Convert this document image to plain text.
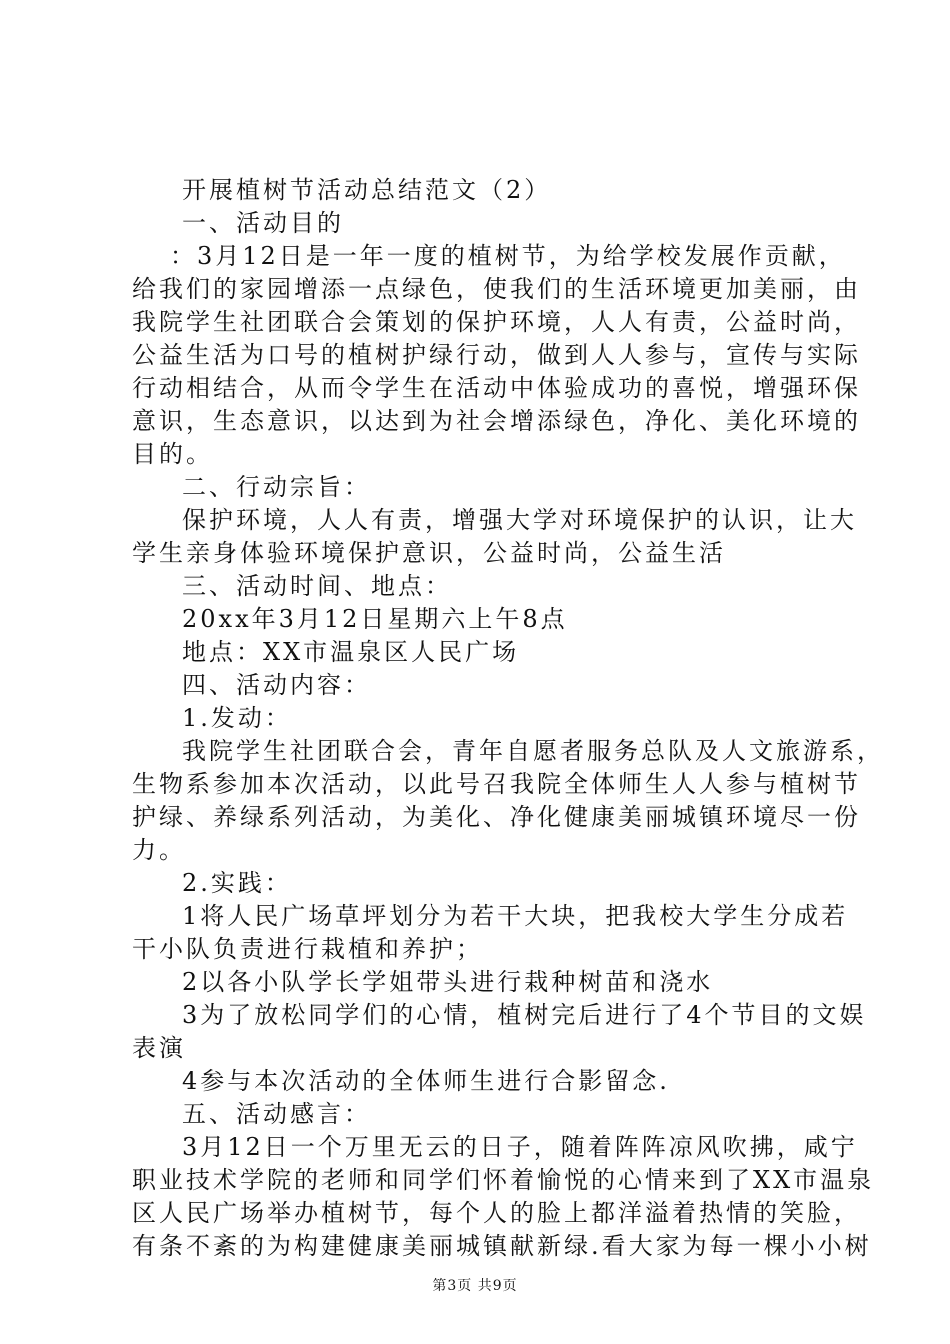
开展植树节活动总结范文（2）
一、活动目的
：3月12日是一年一度的植树节，为给学校发展作贡献，
给我们的家园增添一点绿色，使我们的生活环境更加美丽，由
我院学生社团联合会策划的保护环境，人人有责，公益时尚，
公益生活为口号的植树护绿行动，做到人人参与，宣传与实际
行动相结合，从而令学生在活动中体验成功的喜悦，增强环保
意识，生态意识，以达到为社会增添绿色，净化、美化环境的
目的。
二、行动宗旨：
保护环境，人人有责，增强大学对环境保护的认识，让大
学生亲身体验环境保护意识，公益时尚，公益生活
三、活动时间、地点：
20xx年3月12日星期六上午8点
地点：XX市温泉区人民广场
四、活动内容：
1.发动：
我院学生社团联合会，青年自愿者服务总队及人文旅游系，
生物系参加本次活动，以此号召我院全体师生人人参与植树节
护绿、养绿系列活动，为美化、净化健康美丽城镇环境尽一份
力。
2.实践：
1将人民广场草坪划分为若干大块，把我校大学生分成若
干小队负责进行栽植和养护；
2以各小队学长学姐带头进行栽种树苗和浇水
3为了放松同学们的心情，植树完后进行了4个节目的文娱
表演
4参与本次活动的全体师生进行合影留念.
五、活动感言：
3月12日一个万里无云的日子，随着阵阵凉风吹拂，咸宁
职业技术学院的老师和同学们怀着愉悦的心情来到了XX市温泉
区人民广场举办植树节，每个人的脸上都洋溢着热情的笑脸，
有条不紊的为构建健康美丽城镇献新绿.看大家为每一棵小小树
第3页 共9页
